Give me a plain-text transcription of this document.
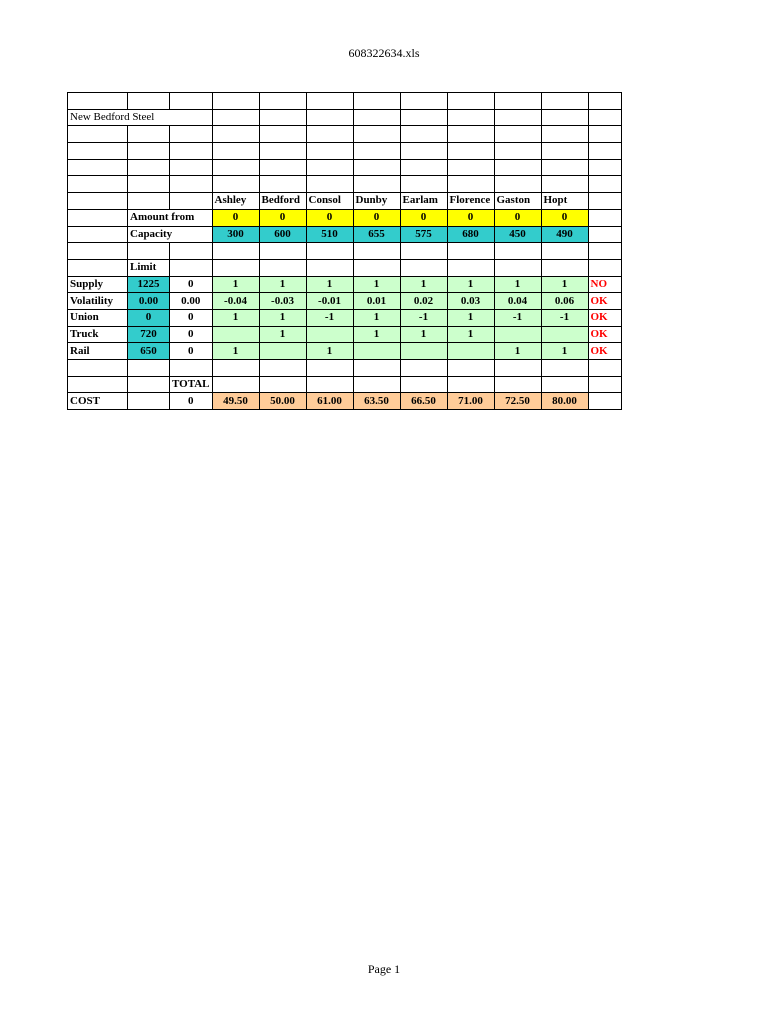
608322634.xls

New Bedford Steel											

			Ashley	Bedford	Consol	Dunby	Earlam	Florence	Gaston	Hopt	
	Amount from		0	0	0	0	0	0	0	0	
	Capacity		300	600	510	655	575	680	450	490	

	Limit										
Supply	1225	0	1	1	1	1	1	1	1	1	NO
Volatility	0.00	0.00	-0.04	-0.03	-0.01	0.01	0.02	0.03	0.04	0.06	OK
Union	0	0	1	1	-1	1	-1	1	-1	-1	OK
Truck	720	0		1		1	1	1			OK
Rail	650	0	1		1				1	1	OK

		TOTAL									
COST		0	49.50	50.00	61.00	63.50	66.50	71.00	72.50	80.00	
Page 1
